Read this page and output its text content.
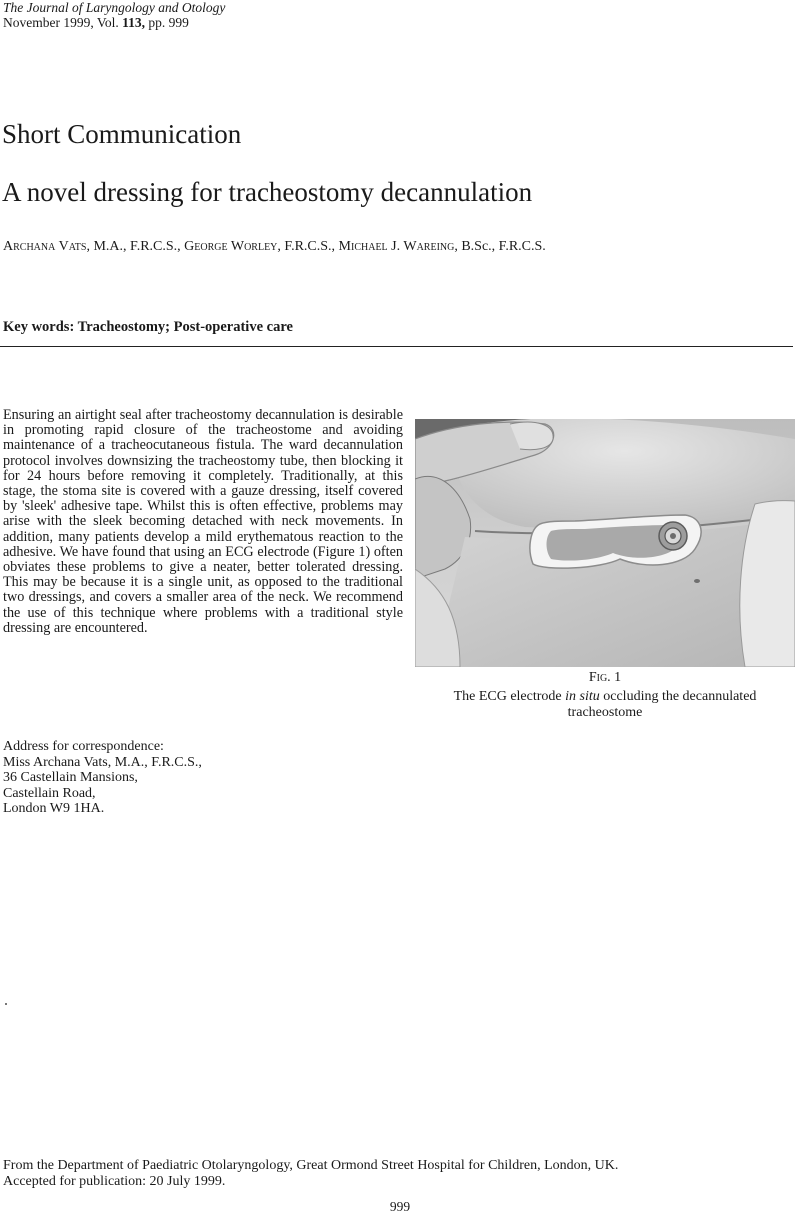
The Journal of Laryngology and Otology
November 1999, Vol. 113, pp. 999
Short Communication
A novel dressing for tracheostomy decannulation
Archana Vats, M.A., F.R.C.S., George Worley, F.R.C.S., Michael J. Wareing, B.Sc., F.R.C.S.
Key words: Tracheostomy; Post-operative care
Ensuring an airtight seal after tracheostomy decannulation is desirable in promoting rapid closure of the tracheostome and avoiding maintenance of a tracheocutaneous fistula. The ward decannulation protocol involves downsizing the tracheostomy tube, then blocking it for 24 hours before removing it completely. Traditionally, at this stage, the stoma site is covered with a gauze dressing, itself covered by 'sleek' adhesive tape. Whilst this is often effective, problems may arise with the sleek becoming detached with neck movements. In addition, many patients develop a mild erythematous reaction to the adhesive. We have found that using an ECG electrode (Figure 1) often obviates these problems to give a neater, better tolerated dressing. This may be because it is a single unit, as opposed to the traditional two dressings, and covers a smaller area of the neck. We recommend the use of this technique where problems with a traditional style dressing are encountered.
Address for correspondence:
Miss Archana Vats, M.A., F.R.C.S.,
36 Castellain Mansions,
Castellain Road,
London W9 1HA.
Fig. 1
The ECG electrode in situ occluding the decannulated tracheostome
From the Department of Paediatric Otolaryngology, Great Ormond Street Hospital for Children, London, UK.
Accepted for publication: 20 July 1999.
999
